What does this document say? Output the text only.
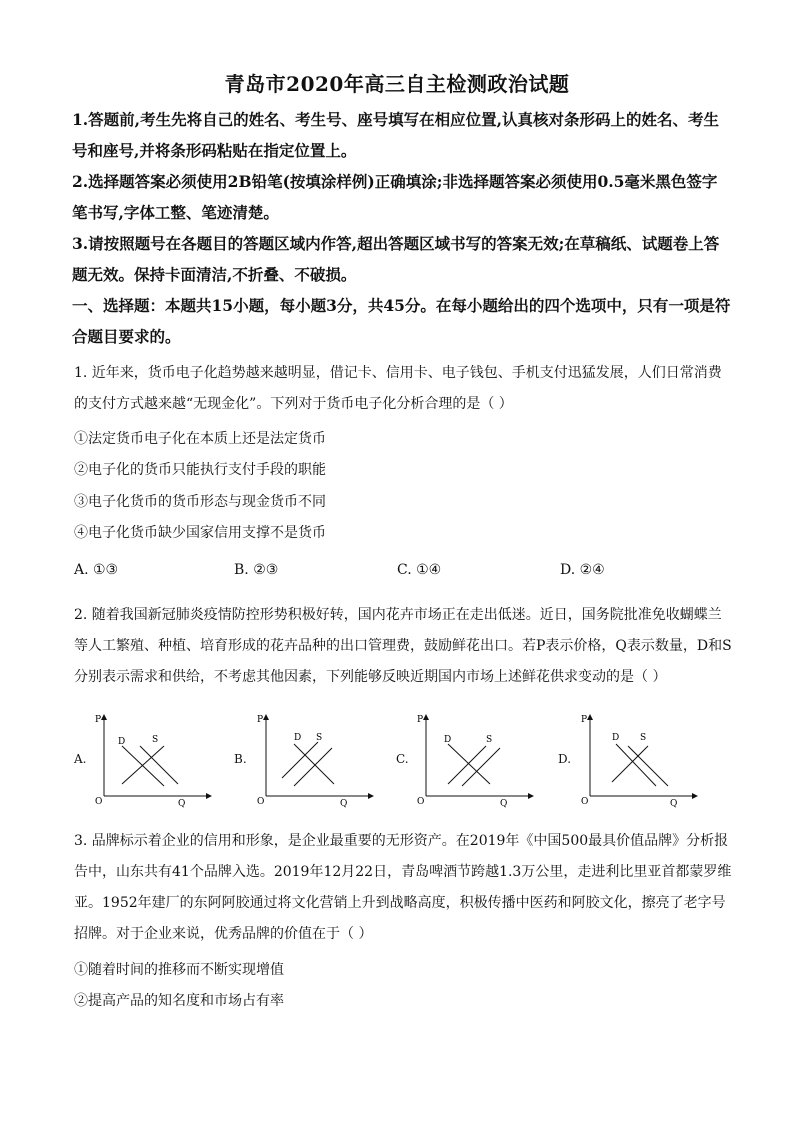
青岛市2020年高三自主检测政治试题
1.答题前,考生先将自己的姓名、考生号、座号填写在相应位置,认真核对条形码上的姓名、考生号和座号,并将条形码粘贴在指定位置上。
2.选择题答案必须使用2B铅笔(按填涂样例)正确填涂;非选择题答案必须使用0.5毫米黑色签字笔书写,字体工整、笔迹清楚。
3.请按照题号在各题目的答题区域内作答,超出答题区域书写的答案无效;在草稿纸、试题卷上答题无效。保持卡面清洁,不折叠、不破损。
一、选择题：本题共15小题，每小题3分，共45分。在每小题给出的四个选项中，只有一项是符合题目要求的。
1. 近年来，货币电子化趋势越来越明显，借记卡、信用卡、电子钱包、手机支付迅猛发展，人们日常消费的支付方式越来越“无现金化”。下列对于货币电子化分析合理的是（ ）
①法定货币电子化在本质上还是法定货币
②电子化的货币只能执行支付手段的职能
③电子化货币的货币形态与现金货币不同
④电子化货币缺少国家信用支撑不是货币
A. ①③	B. ②③	C. ①④	D. ②④
2. 随着我国新冠肺炎疫情防控形势积极好转，国内花卉市场正在走出低迷。近日，国务院批准免收蝴蝶兰等人工繁殖、种植、培育形成的花卉品种的出口管理费，鼓励鲜花出口。若P表示价格，Q表示数量，D和S分别表示需求和供给，不考虑其他因素，下列能够反映近期国内市场上述鲜花供求变动的是（ ）
A.
P
Q
O
D	S
B.
P
Q
O
D S
C.
P
Q
O
D	S
D.
P
Q
O
D S
3. 品牌标示着企业的信用和形象，是企业最重要的无形资产。在2019年《中国500最具价值品牌》分析报告中，山东共有41个品牌入选。2019年12月22日，青岛啤酒节跨越1.3万公里，走进利比里亚首都蒙罗维亚。1952年建厂的东阿阿胶通过将文化营销上升到战略高度，积极传播中医药和阿胶文化，擦亮了老字号招牌。对于企业来说，优秀品牌的价值在于（ ）
①随着时间的推移而不断实现增值
②提高产品的知名度和市场占有率
